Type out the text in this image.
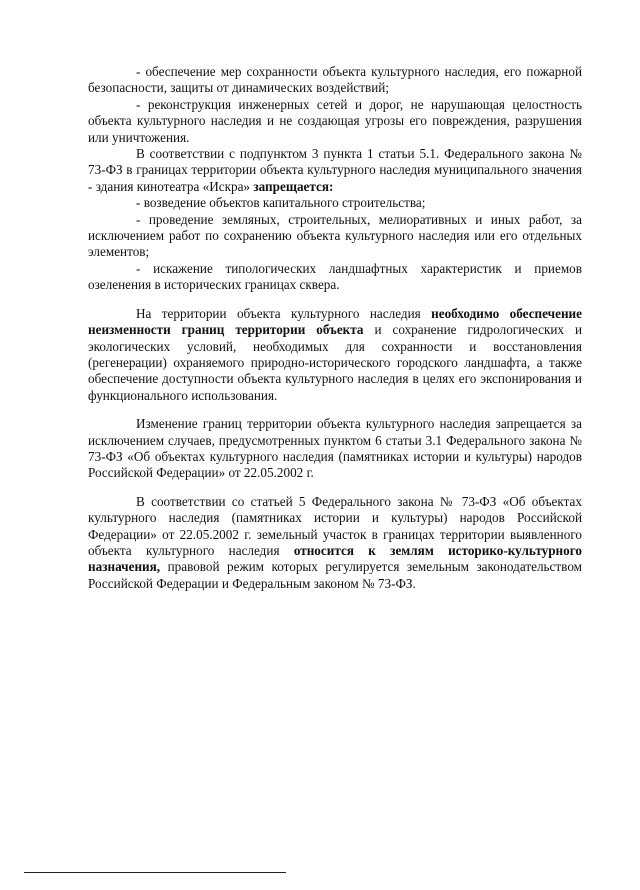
- обеспечение мер сохранности объекта культурного наследия, его пожарной безопасности, защиты от динамических воздействий;

- реконструкция инженерных сетей и дорог, не нарушающая целостность объекта культурного наследия и не создающая угрозы его повреждения, разрушения или уничтожения.

В соответствии с подпунктом 3 пункта 1 статьи 5.1. Федерального закона № 73-ФЗ в границах территории объекта культурного наследия муниципального значения - здания кинотеатра «Искра» запрещается:

- возведение объектов капитального строительства;

- проведение земляных, строительных, мелиоративных и иных работ, за исключением работ по сохранению объекта культурного наследия или его отдельных элементов;

- искажение типологических ландшафтных характеристик и приемов озеленения в исторических границах сквера.

На территории объекта культурного наследия необходимо обеспечение неизменности границ территории объекта и сохранение гидрологических и экологических условий, необходимых для сохранности и восстановления (регенерации) охраняемого природно-исторического городского ландшафта, а также обеспечение доступности объекта культурного наследия в целях его экспонирования и функционального использования.

Изменение границ территории объекта культурного наследия запрещается за исключением случаев, предусмотренных пунктом 6 статьи 3.1 Федерального закона № 73-ФЗ «Об объектах культурного наследия (памятниках истории и культуры) народов Российской Федерации» от 22.05.2002 г.

В соответствии со статьей 5 Федерального закона № 73-ФЗ «Об объектах культурного наследия (памятниках истории и культуры) народов Российской Федерации» от 22.05.2002 г. земельный участок в границах территории выявленного объекта культурного наследия относится к землям историко-культурного назначения, правовой режим которых регулируется земельным законодательством Российской Федерации и Федеральным законом № 73-ФЗ.
